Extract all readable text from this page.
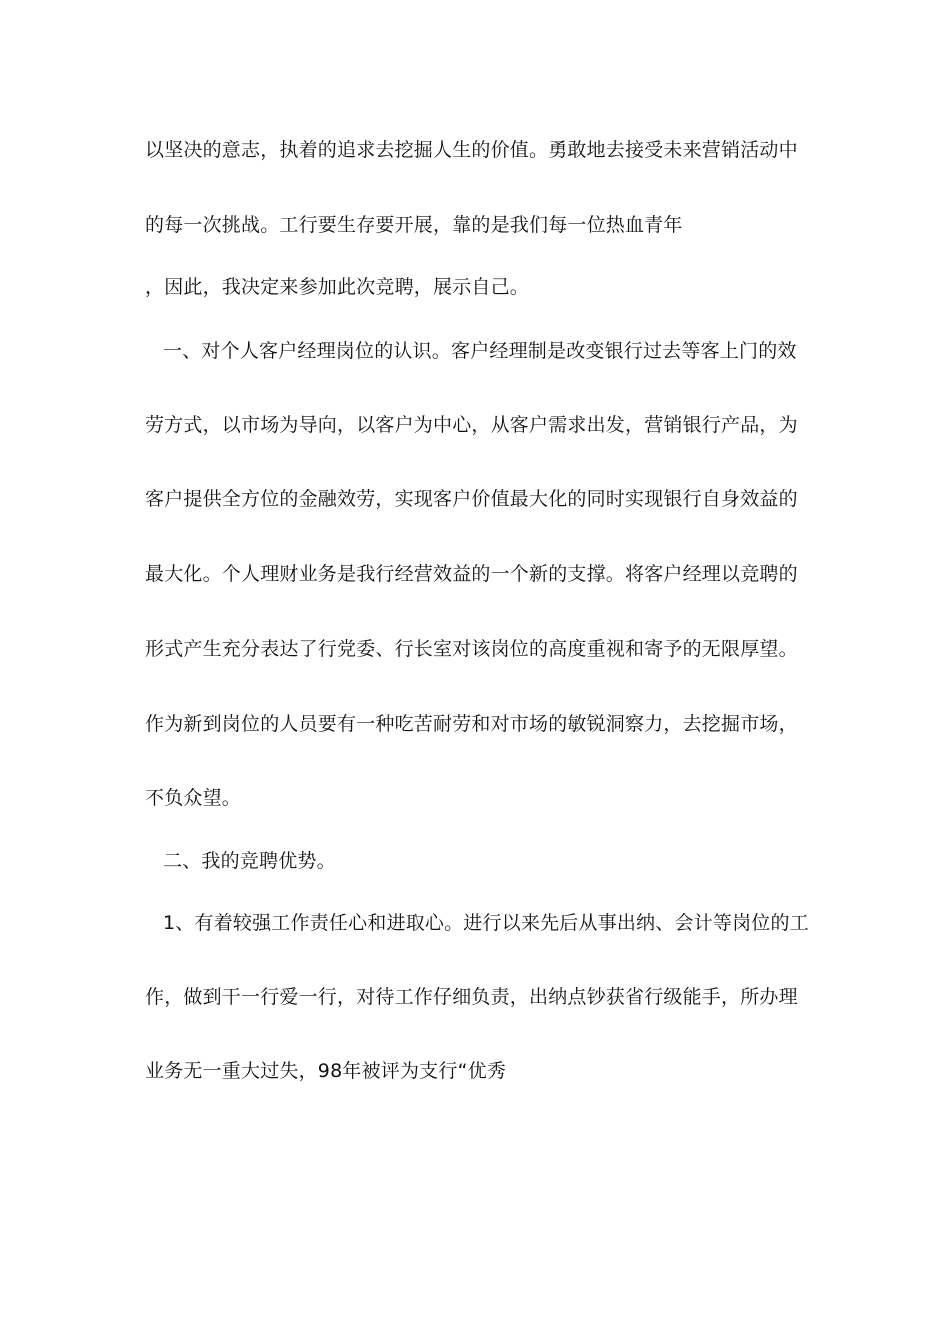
以坚决的意志，执着的追求去挖掘人生的价值。勇敢地去接受未来营销活动中
的每一次挑战。工行要生存要开展，靠的是我们每一位热血青年
，因此，我决定来参加此次竞聘，展示自己。
一、对个人客户经理岗位的认识。客户经理制是改变银行过去等客上门的效
劳方式，以市场为导向，以客户为中心，从客户需求出发，营销银行产品，为
客户提供全方位的金融效劳，实现客户价值最大化的同时实现银行自身效益的
最大化。个人理财业务是我行经营效益的一个新的支撑。将客户经理以竞聘的
形式产生充分表达了行党委、行长室对该岗位的高度重视和寄予的无限厚望。
作为新到岗位的人员要有一种吃苦耐劳和对市场的敏锐洞察力，去挖掘市场，
不负众望。
二、我的竞聘优势。
1、有着较强工作责任心和进取心。进行以来先后从事出纳、会计等岗位的工
作，做到干一行爱一行，对待工作仔细负责，出纳点钞获省行级能手，所办理
业务无一重大过失，98年被评为支行“优秀
